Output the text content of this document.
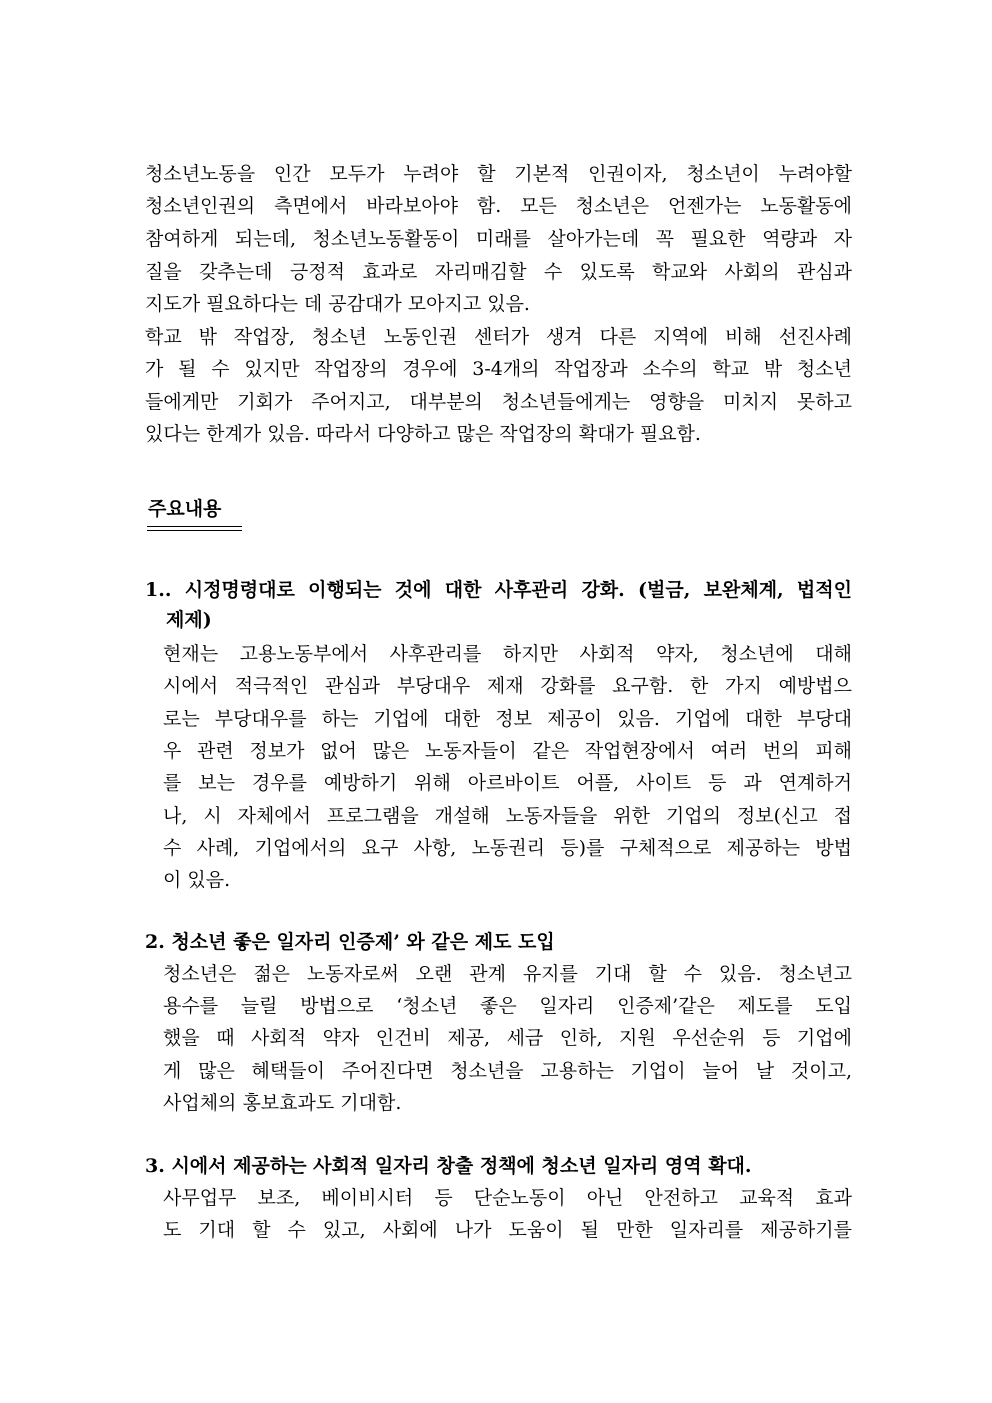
청소년노동을 인간 모두가 누려야 할 기본적 인권이자, 청소년이 누려야할
청소년인권의 측면에서 바라보아야 함. 모든 청소년은 언젠가는 노동활동에
참여하게 되는데, 청소년노동활동이 미래를 살아가는데 꼭 필요한 역량과 자
질을 갖추는데 긍정적 효과로 자리매김할 수 있도록 학교와 사회의 관심과
지도가 필요하다는 데 공감대가 모아지고 있음.
학교 밖 작업장, 청소년 노동인권 센터가 생겨 다른 지역에 비해 선진사례
가 될 수 있지만 작업장의 경우에 3-4개의 작업장과 소수의 학교 밖 청소년
들에게만 기회가 주어지고, 대부분의 청소년들에게는 영향을 미치지 못하고
있다는 한계가 있음. 따라서 다양하고 많은 작업장의 확대가 필요함.
주요내용
1.. 시정명령대로 이행되는 것에 대한 사후관리 강화. (벌금, 보완체계, 법적인
제제)
현재는 고용노동부에서 사후관리를 하지만 사회적 약자, 청소년에 대해
시에서 적극적인 관심과 부당대우 제재 강화를 요구함. 한 가지 예방법으
로는 부당대우를 하는 기업에 대한 정보 제공이 있음. 기업에 대한 부당대
우 관련 정보가 없어 많은 노동자들이 같은 작업현장에서 여러 번의 피해
를 보는 경우를 예방하기 위해 아르바이트 어플, 사이트 등 과 연계하거
나, 시 자체에서 프로그램을 개설해 노동자들을 위한 기업의 정보(신고 접
수 사례, 기업에서의 요구 사항, 노동권리 등)를 구체적으로 제공하는 방법
이 있음.
2. 청소년 좋은 일자리 인증제’ 와 같은 제도 도입
청소년은 젊은 노동자로써 오랜 관계 유지를 기대 할 수 있음. 청소년고
용수를 늘릴 방법으로 ‘청소년 좋은 일자리 인증제’같은 제도를 도입
했을 때 사회적 약자 인건비 제공, 세금 인하, 지원 우선순위 등 기업에
게 많은 혜택들이 주어진다면 청소년을 고용하는 기업이 늘어 날 것이고,
사업체의 홍보효과도 기대함.
3. 시에서 제공하는 사회적 일자리 창출 정책에 청소년 일자리 영역 확대.
사무업무 보조, 베이비시터 등 단순노동이 아닌 안전하고 교육적 효과
도 기대 할 수 있고, 사회에 나가 도움이 될 만한 일자리를 제공하기를
